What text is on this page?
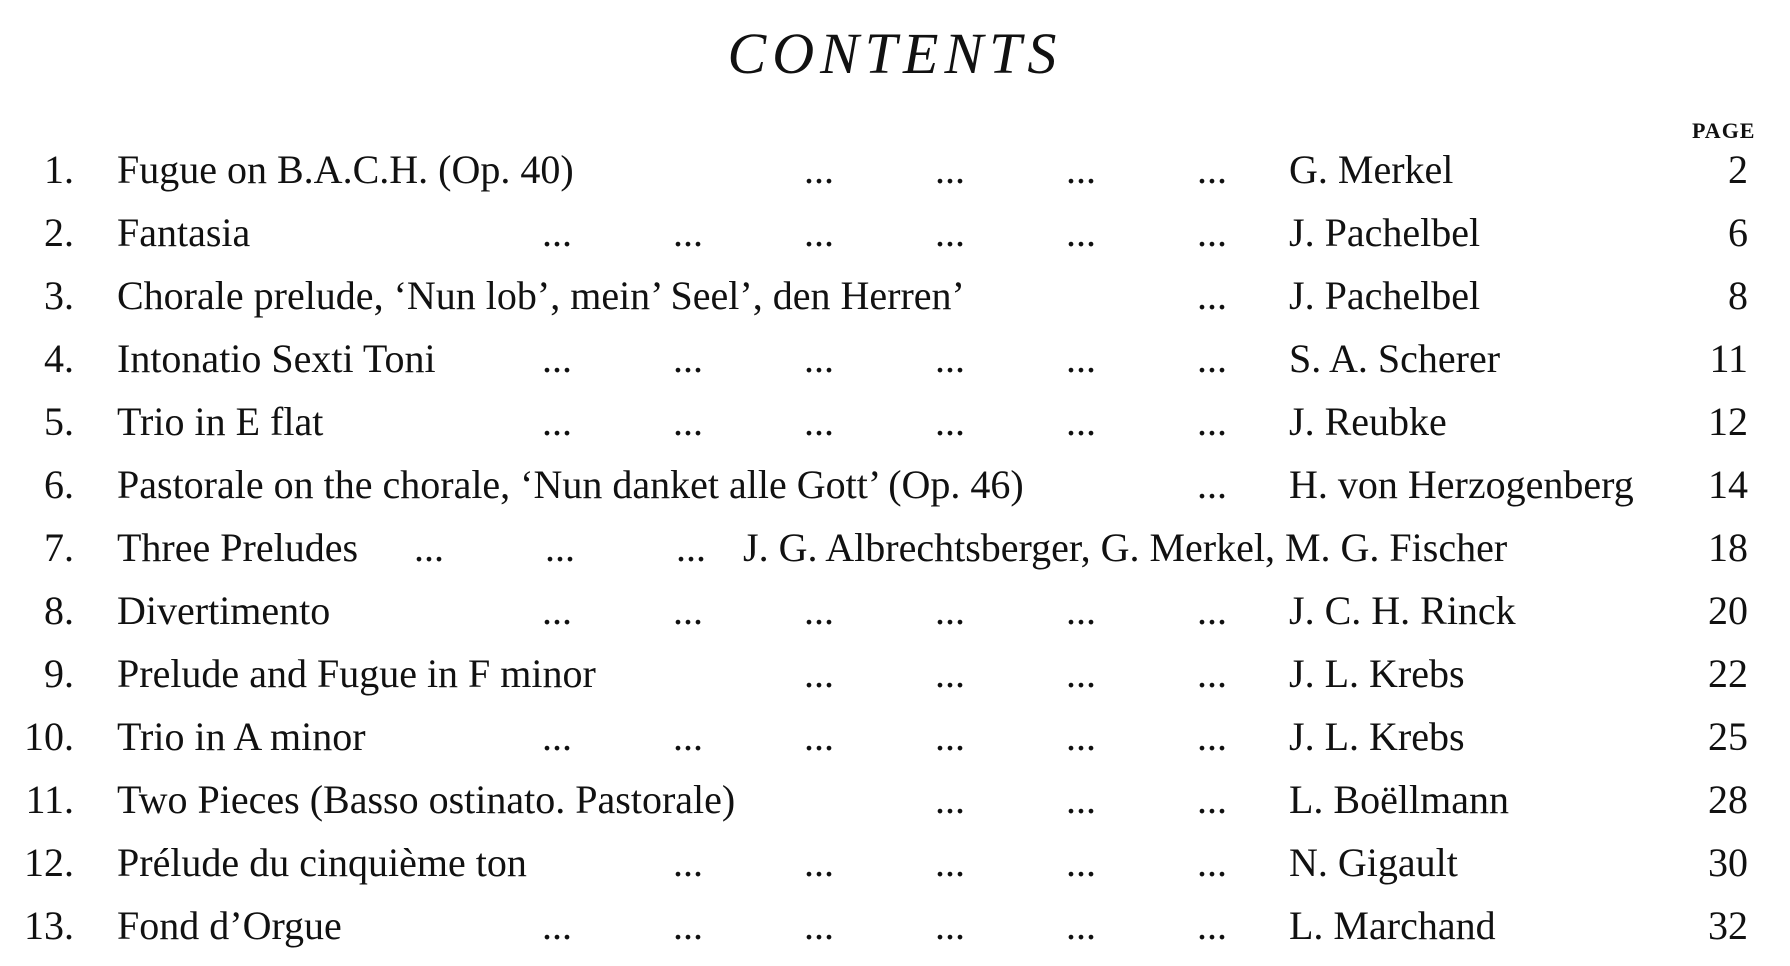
CONTENTS
PAGE
1. Fugue on B.A.C.H. (Op. 40)	...	...	...	... G. Merkel	2
2. Fantasia	...	...	...	...	...	... J. Pachelbel	6
3. Chorale prelude, ‘Nun lob’, mein’ Seel’, den Herren’	... J. Pachelbel	8
4. Intonatio Sexti Toni	...	...	...	...	...	... S. A. Scherer	11
5. Trio in E flat	...	...	...	...	...	... J. Reubke	12
6. Pastorale on the chorale, ‘Nun danket alle Gott’ (Op. 46)	... H. von Herzogenberg 14
7. Three Preludes ...	...	... J. G. Albrechtsberger, G. Merkel, M. G. Fischer	18
8. Divertimento	...	...	...	...	...	... J. C. H. Rinck	20
9. Prelude and Fugue in F minor	...	...	...	... J. L. Krebs	22
10. Trio in A minor	...	...	...	...	...	... J. L. Krebs	25
11. Two Pieces (Basso ostinato. Pastorale)	...	...	... L. Boëllmann	28
12. Prélude du cinquième ton	...	...	...	...	... N. Gigault	30
13. Fond d’Orgue	...	...	...	...	...	... L. Marchand	32
